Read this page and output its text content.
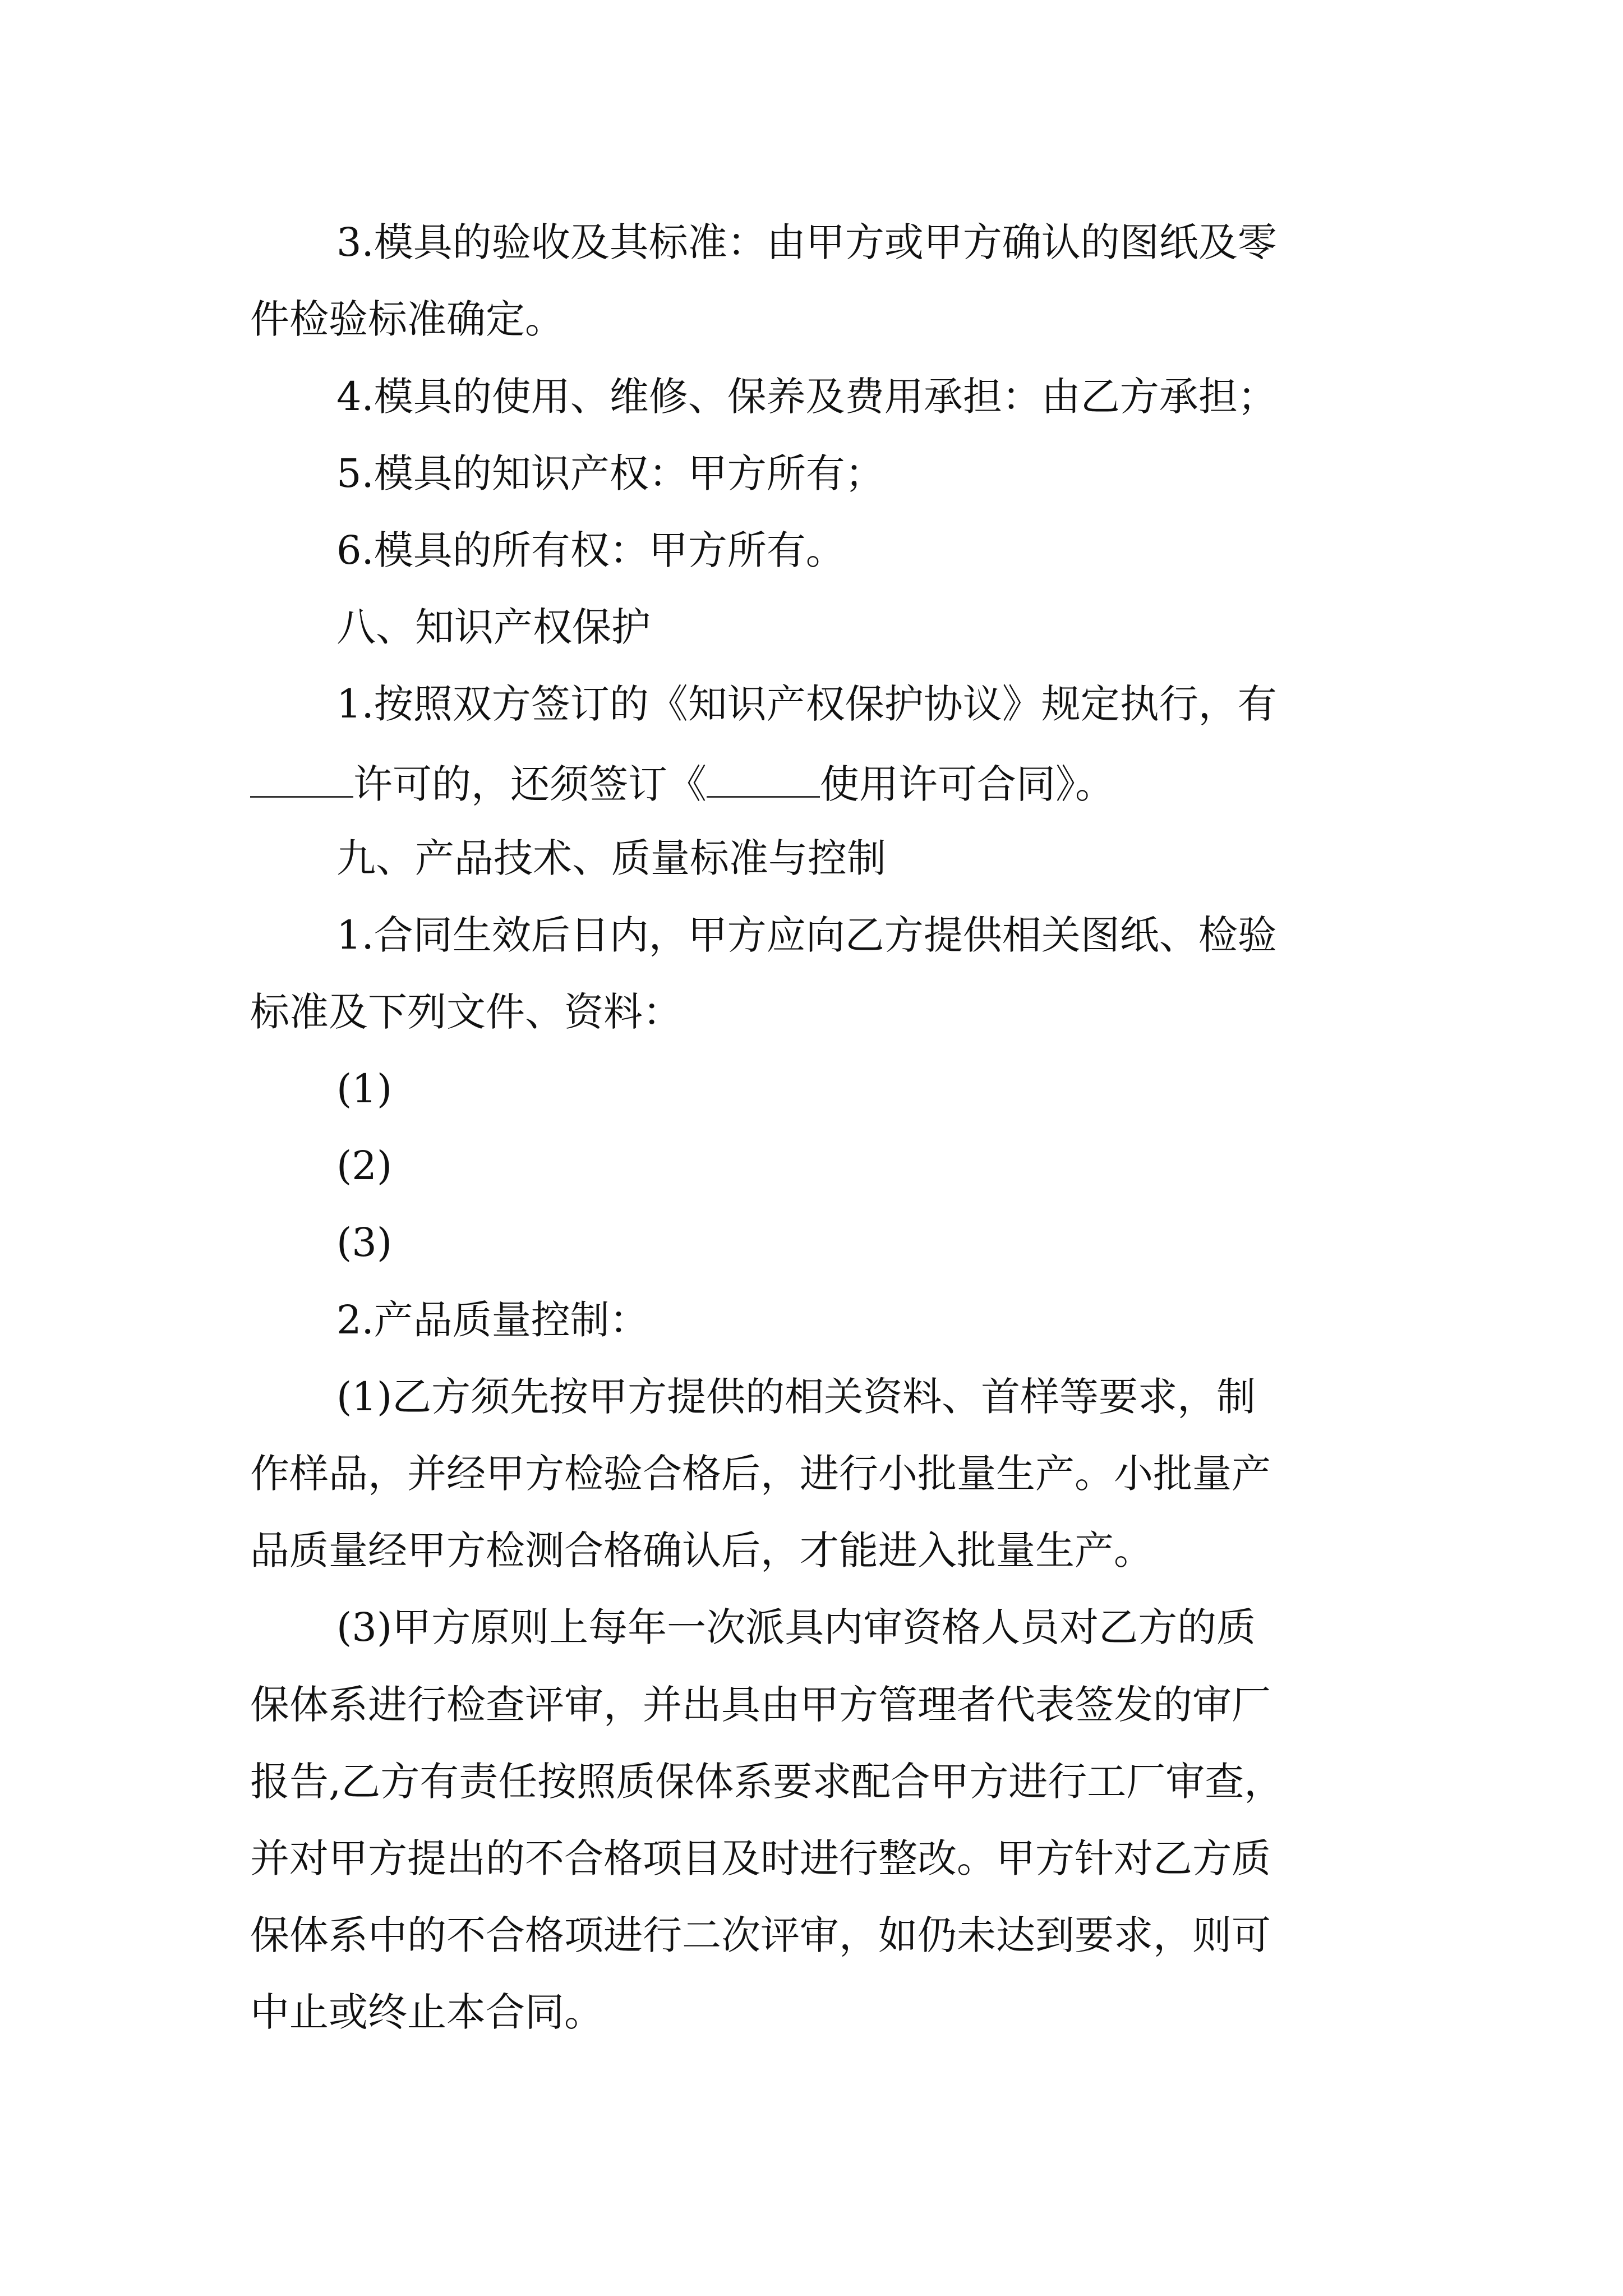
3.模具的验收及其标准：由甲方或甲方确认的图纸及零

件检验标准确定。

4.模具的使用、维修、保养及费用承担：由乙方承担；

5.模具的知识产权：甲方所有；

6.模具的所有权：甲方所有。

八、知识产权保护

1.按照双方签订的《知识产权保护协议》规定执行，有

许可的，还须签订《	使用许可合同》。

九、产品技术、质量标准与控制

1.合同生效后日内，甲方应向乙方提供相关图纸、检验

标准及下列文件、资料：

(1)

(2)

(3)

2.产品质量控制：

(1)乙方须先按甲方提供的相关资料、首样等要求，制

作样品，并经甲方检验合格后，进行小批量生产。小批量产

品质量经甲方检测合格确认后，才能进入批量生产。

(3)甲方原则上每年一次派具内审资格人员对乙方的质

保体系进行检查评审，并出具由甲方管理者代表签发的审厂

报告,乙方有责任按照质保体系要求配合甲方进行工厂审查，

并对甲方提出的不合格项目及时进行整改。甲方针对乙方质

保体系中的不合格项进行二次评审，如仍未达到要求，则可

中止或终止本合同。
